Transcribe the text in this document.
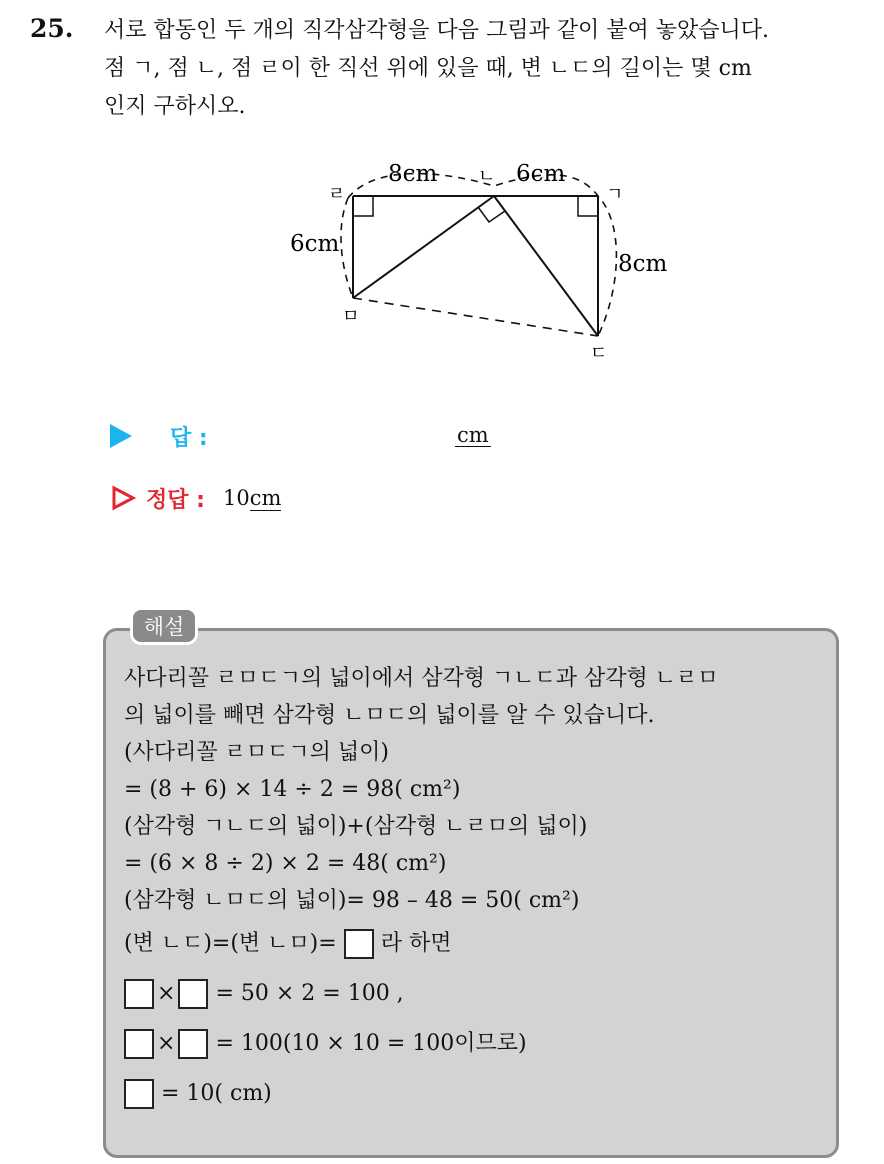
25. 서로 합동인 두 개의 직각삼각형을 다음 그림과 같이 붙여 놓았습니다.
점 ㄱ, 점 ㄴ, 점 ㄹ이 한 직선 위에 있을 때, 변 ㄴㄷ의 길이는 몇 cm
인지 구하시오.
ㄹ
ㄴ
ㄱ
ㅁ
ㄷ
8cm	6cm
6cm
8cm
답 :	cm
정답 : 10cm
해설
사다리꼴 ㄹㅁㄷㄱ의 넓이에서 삼각형 ㄱㄴㄷ과 삼각형 ㄴㄹㅁ
의 넓이를 빼면 삼각형 ㄴㅁㄷ의 넓이를 알 수 있습니다.
(사다리꼴 ㄹㅁㄷㄱ의 넓이)
= (8 + 6) × 14 ÷ 2 = 98( cm²)
(삼각형 ㄱㄴㄷ의 넓이)+(삼각형 ㄴㄹㅁ의 넓이)
= (6 × 8 ÷ 2) × 2 = 48( cm²)
(삼각형 ㄴㅁㄷ의 넓이)= 98 – 48 = 50( cm²)
(변 ㄴㄷ)=(변 ㄴㅁ)= 라 하면
× = 50 × 2 = 100 ,
× = 100(10 × 10 = 100이므로)
= 10( cm)
